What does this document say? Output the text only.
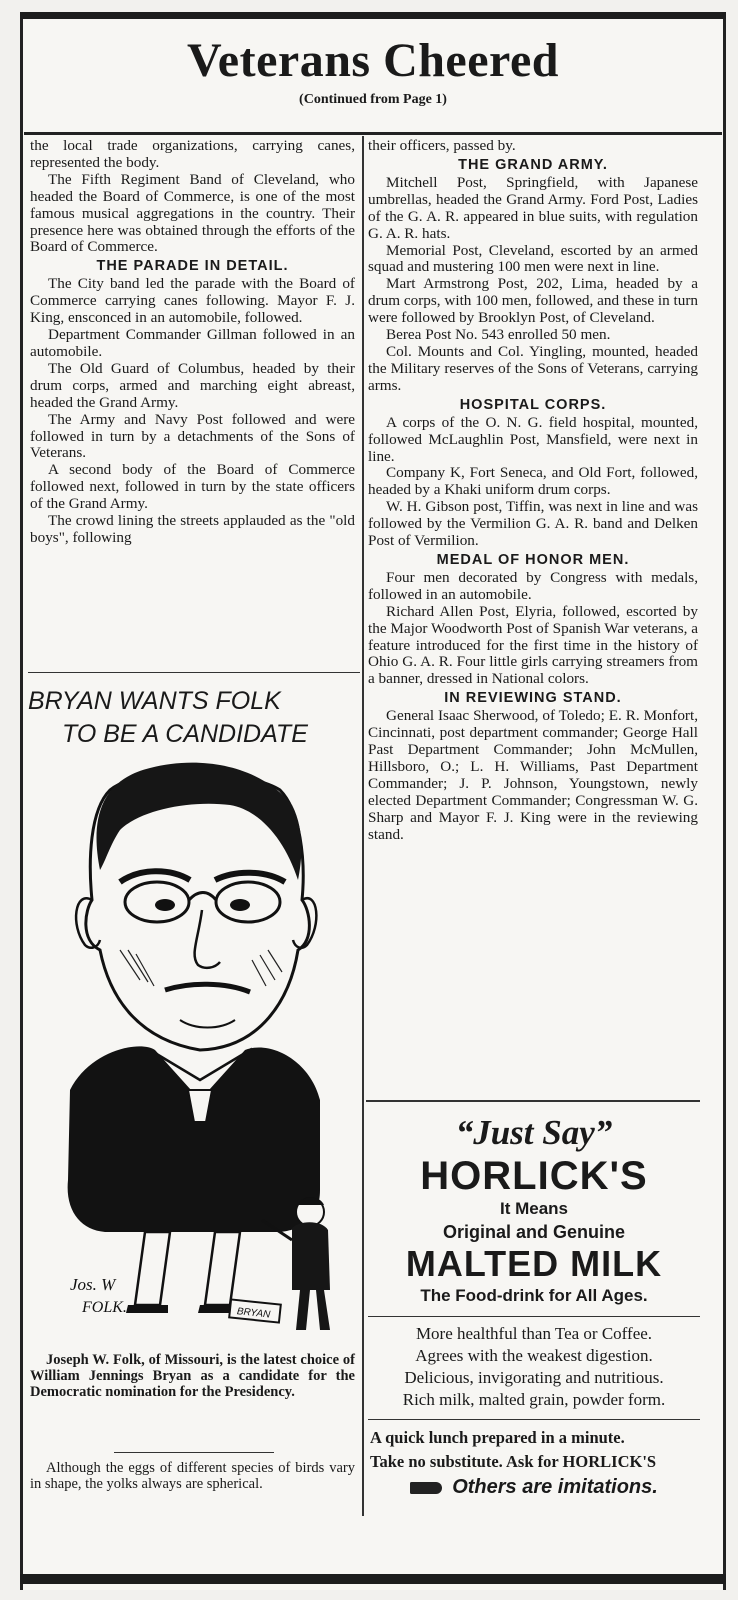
Veterans Cheered
(Continued from Page 1)

the local trade organizations, carrying canes, represented the body.

The Fifth Regiment Band of Cleveland, who headed the Board of Commerce, is one of the most famous musical aggregations in the country. Their presence here was obtained through the efforts of the Board of Commerce.

THE PARADE IN DETAIL.

The City band led the parade with the Board of Commerce carrying canes following. Mayor F. J. King, ensconced in an automobile, followed.

Department Commander Gillman followed in an automobile.

The Old Guard of Columbus, headed by their drum corps, armed and marching eight abreast, headed the Grand Army.

The Army and Navy Post followed and were followed in turn by a detachments of the Sons of Veterans.

A second body of the Board of Commerce followed next, followed in turn by the state officers of the Grand Army.

The crowd lining the streets applauded as the "old boys", following

their officers, passed by.

THE GRAND ARMY.

Mitchell Post, Springfield, with Japanese umbrellas, headed the Grand Army. Ford Post, Ladies of the G. A. R. appeared in blue suits, with regulation G. A. R. hats.

Memorial Post, Cleveland, escorted by an armed squad and mustering 100 men were next in line.

Mart Armstrong Post, 202, Lima, headed by a drum corps, with 100 men, followed, and these in turn were followed by Brooklyn Post, of Cleveland.

Berea Post No. 543 enrolled 50 men.

Col. Mounts and Col. Yingling, mounted, headed the Military reserves of the Sons of Veterans, carrying arms.

HOSPITAL CORPS.

A corps of the O. N. G. field hospital, mounted, followed McLaughlin Post, Mansfield, were next in line.

Company K, Fort Seneca, and Old Fort, followed, headed by a Khaki uniform drum corps.

W. H. Gibson post, Tiffin, was next in line and was followed by the Vermilion G. A. R. band and Delken Post of Vermilion.

MEDAL OF HONOR MEN.

Four men decorated by Congress with medals, followed in an automobile.

Richard Allen Post, Elyria, followed, escorted by the Major Woodworth Post of Spanish War veterans, a feature introduced for the first time in the history of Ohio G. A. R. Four little girls carrying streamers from a banner, dressed in National colors.

IN REVIEWING STAND.

General Isaac Sherwood, of Toledo; E. R. Monfort, Cincinnati, post department commander; George Hall Past Department Commander; John McMullen, Hillsboro, O.; L. H. Williams, Past Department Commander; J. P. Johnson, Youngstown, newly elected Department Commander; Congressman W. G. Sharp and Mayor F. J. King were in the reviewing stand.

BRYAN WANTS FOLK
TO BE A CANDIDATE
BRYAN
Jos. W
FOLK.

Joseph W. Folk, of Missouri, is the latest choice of William Jennings Bryan as a candidate for the Democratic nomination for the Presidency.

Although the eggs of different species of birds vary in shape, the yolks always are spherical.

“Just Say”
HORLICK'S
It Means
Original and Genuine
MALTED MILK
The Food-drink for All Ages.
More healthful than Tea or Coffee.
Agrees with the weakest digestion.
Delicious, invigorating and nutritious.
Rich milk, malted grain, powder form.
A quick lunch prepared in a minute.
Take no substitute. Ask for HORLICK'S
Others are imitations.
